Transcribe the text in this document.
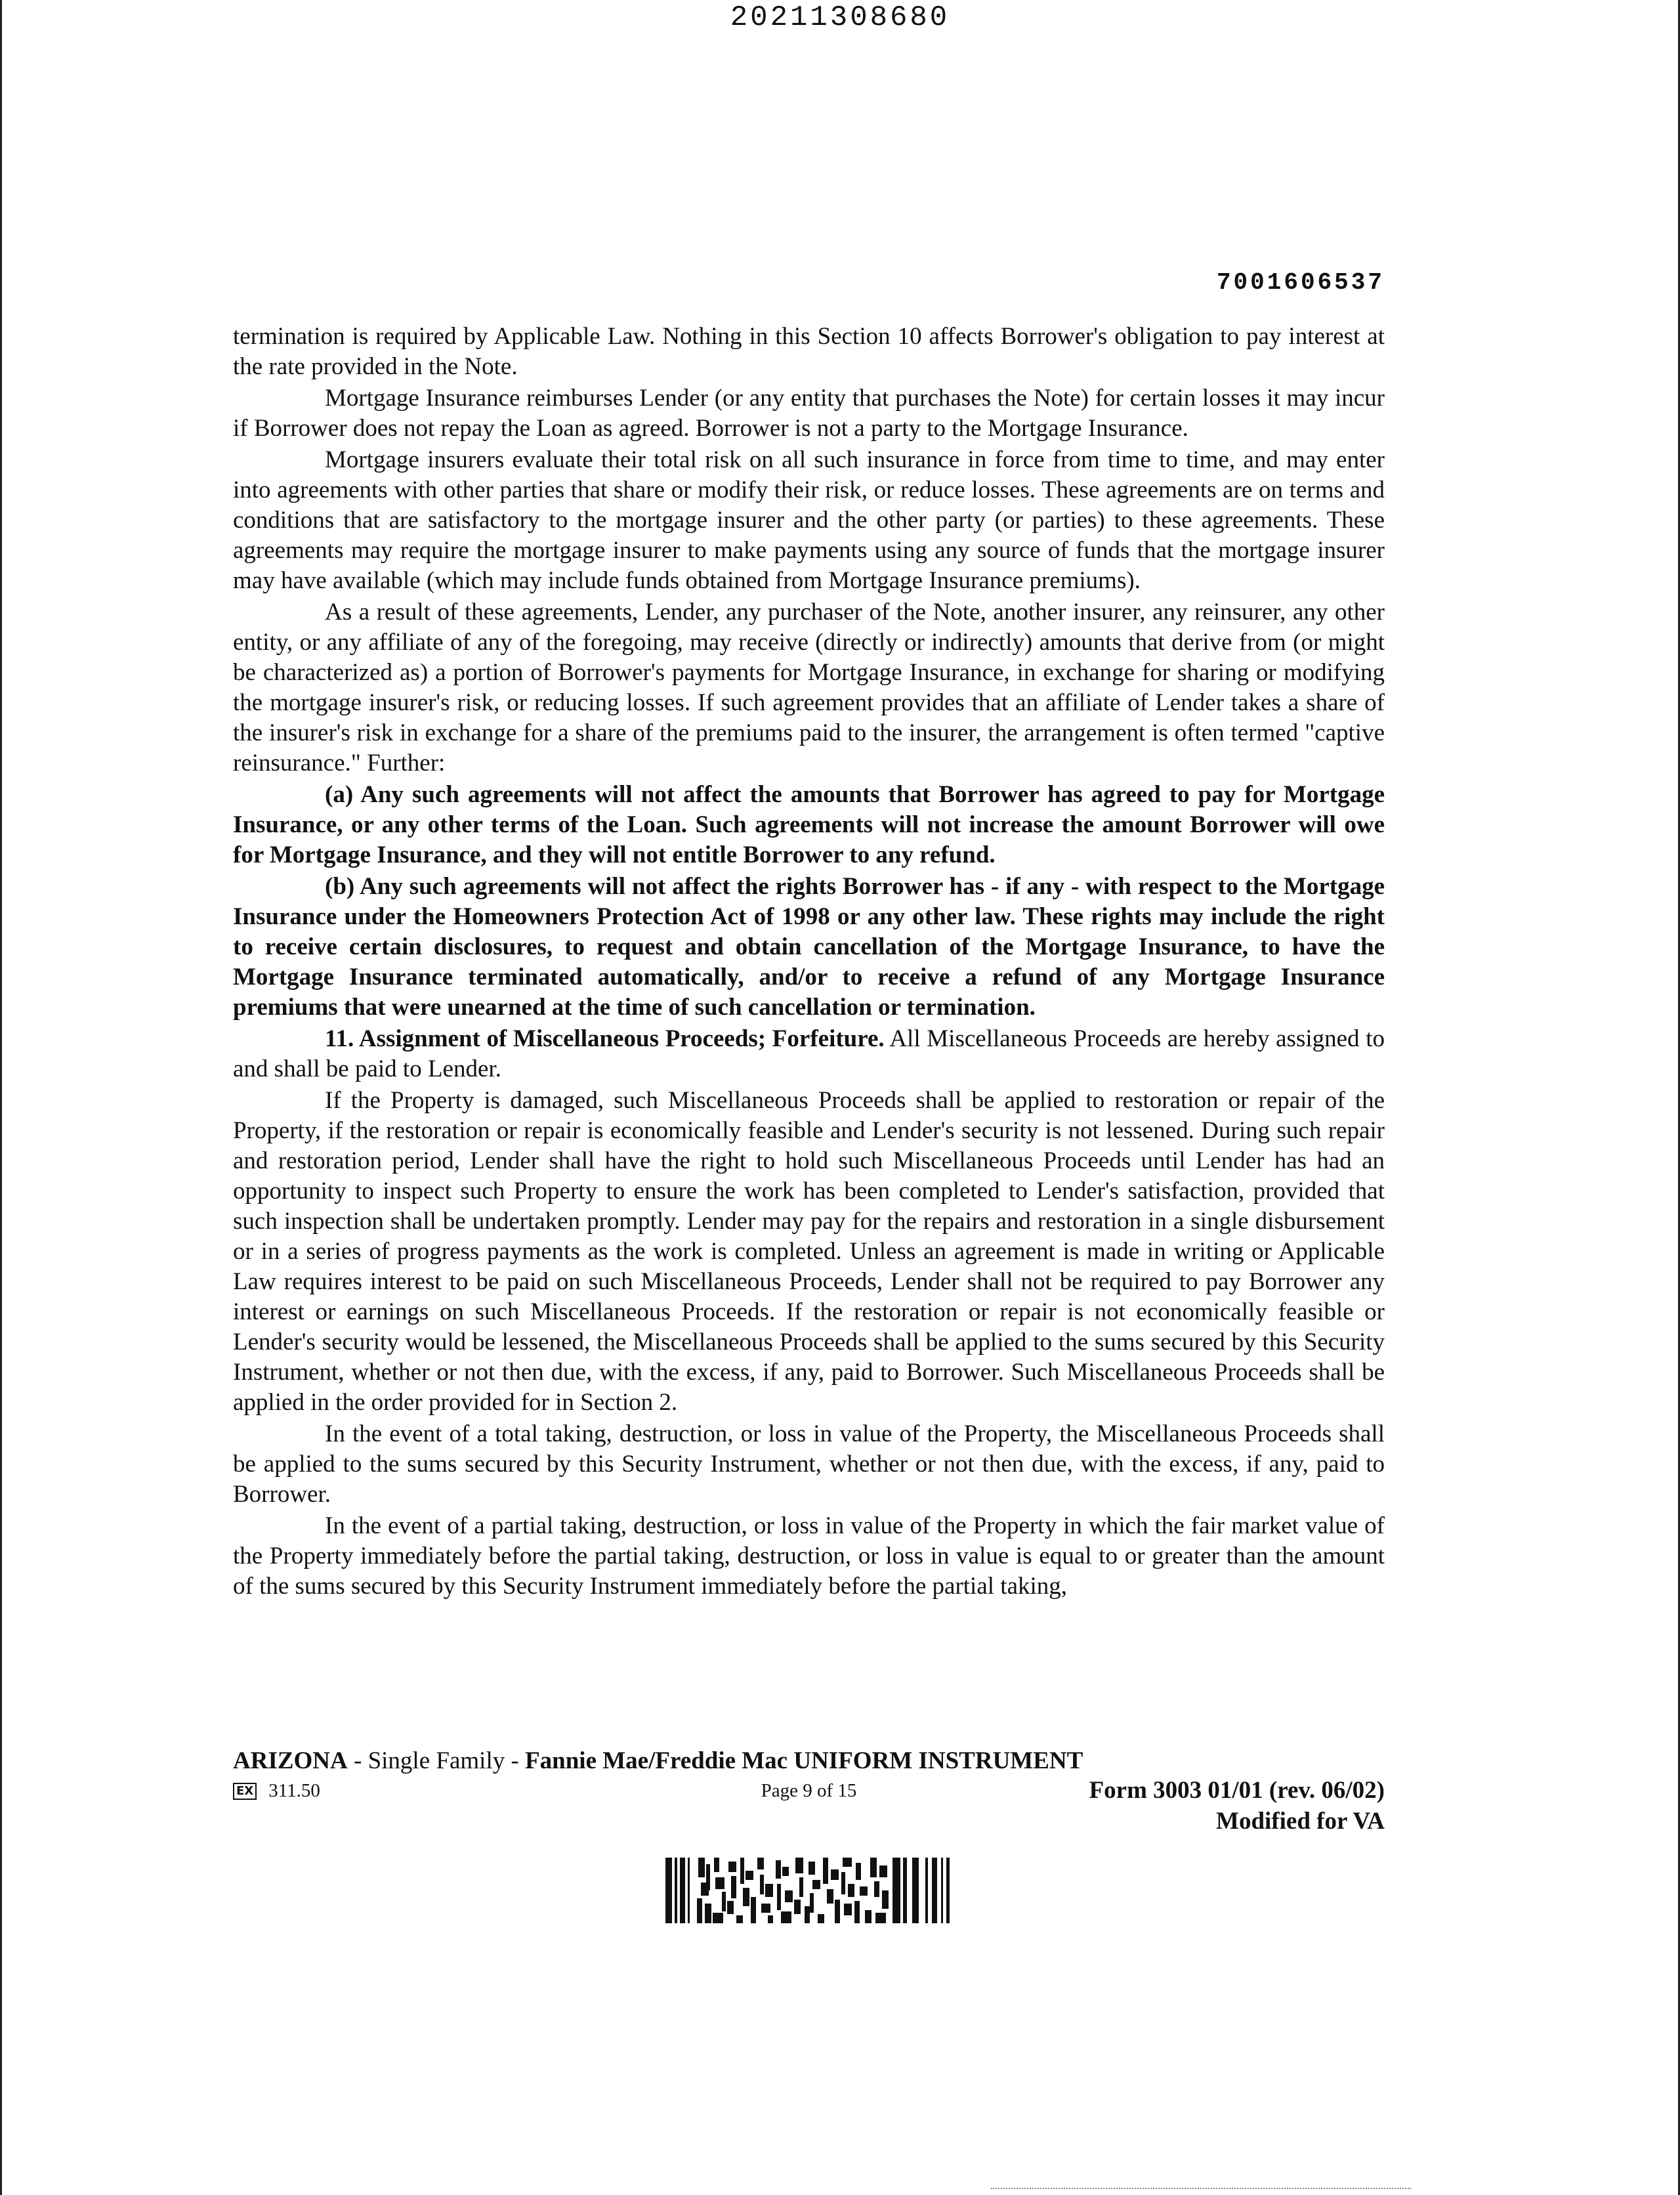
20211308680
7001606537

termination is required by Applicable Law. Nothing in this Section 10 affects Borrower's obligation to pay interest at the rate provided in the Note.

Mortgage Insurance reimburses Lender (or any entity that purchases the Note) for certain losses it may incur if Borrower does not repay the Loan as agreed. Borrower is not a party to the Mortgage Insurance.

Mortgage insurers evaluate their total risk on all such insurance in force from time to time, and may enter into agreements with other parties that share or modify their risk, or reduce losses. These agreements are on terms and conditions that are satisfactory to the mortgage insurer and the other party (or parties) to these agreements. These agreements may require the mortgage insurer to make payments using any source of funds that the mortgage insurer may have available (which may include funds obtained from Mortgage Insurance premiums).

As a result of these agreements, Lender, any purchaser of the Note, another insurer, any reinsurer, any other entity, or any affiliate of any of the foregoing, may receive (directly or indirectly) amounts that derive from (or might be characterized as) a portion of Borrower's payments for Mortgage Insurance, in exchange for sharing or modifying the mortgage insurer's risk, or reducing losses. If such agreement provides that an affiliate of Lender takes a share of the insurer's risk in exchange for a share of the premiums paid to the insurer, the arrangement is often termed "captive reinsurance." Further:

(a) Any such agreements will not affect the amounts that Borrower has agreed to pay for Mortgage Insurance, or any other terms of the Loan. Such agreements will not increase the amount Borrower will owe for Mortgage Insurance, and they will not entitle Borrower to any refund.

(b) Any such agreements will not affect the rights Borrower has - if any - with respect to the Mortgage Insurance under the Homeowners Protection Act of 1998 or any other law. These rights may include the right to receive certain disclosures, to request and obtain cancellation of the Mortgage Insurance, to have the Mortgage Insurance terminated automatically, and/or to receive a refund of any Mortgage Insurance premiums that were unearned at the time of such cancellation or termination.

11. Assignment of Miscellaneous Proceeds; Forfeiture. All Miscellaneous Proceeds are hereby assigned to and shall be paid to Lender.

If the Property is damaged, such Miscellaneous Proceeds shall be applied to restoration or repair of the Property, if the restoration or repair is economically feasible and Lender's security is not lessened. During such repair and restoration period, Lender shall have the right to hold such Miscellaneous Proceeds until Lender has had an opportunity to inspect such Property to ensure the work has been completed to Lender's satisfaction, provided that such inspection shall be undertaken promptly. Lender may pay for the repairs and restoration in a single disbursement or in a series of progress payments as the work is completed. Unless an agreement is made in writing or Applicable Law requires interest to be paid on such Miscellaneous Proceeds, Lender shall not be required to pay Borrower any interest or earnings on such Miscellaneous Proceeds. If the restoration or repair is not economically feasible or Lender's security would be lessened, the Miscellaneous Proceeds shall be applied to the sums secured by this Security Instrument, whether or not then due, with the excess, if any, paid to Borrower. Such Miscellaneous Proceeds shall be applied in the order provided for in Section 2.

In the event of a total taking, destruction, or loss in value of the Property, the Miscellaneous Proceeds shall be applied to the sums secured by this Security Instrument, whether or not then due, with the excess, if any, paid to Borrower.

In the event of a partial taking, destruction, or loss in value of the Property in which the fair market value of the Property immediately before the partial taking, destruction, or loss in value is equal to or greater than the amount of the sums secured by this Security Instrument immediately before the partial taking,

ARIZONA - Single Family - Fannie Mae/Freddie Mac UNIFORM INSTRUMENT
EX 311.50	Page 9 of 15	Form 3003 01/01 (rev. 06/02)
Modified for VA
